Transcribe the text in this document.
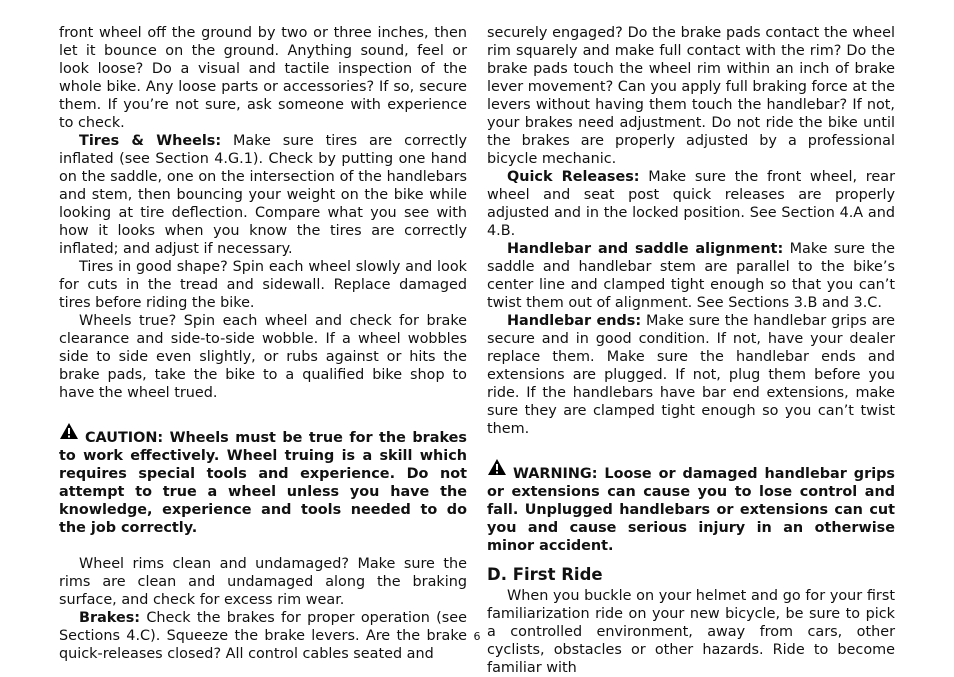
front wheel off the ground by two or three inches, then let it bounce on the ground. Anything sound, feel or look loose? Do a visual and tactile inspection of the whole bike. Any loose parts or accessories? If so, secure them. If you’re not sure, ask someone with experience to check.

Tires & Wheels: Make sure tires are correctly inflated (see Section 4.G.1). Check by putting one hand on the saddle, one on the intersection of the handlebars and stem, then bouncing your weight on the bike while looking at tire deflection. Compare what you see with how it looks when you know the tires are correctly inflated; and adjust if necessary.

Tires in good shape? Spin each wheel slowly and look for cuts in the tread and sidewall. Replace damaged tires before riding the bike.

Wheels true? Spin each wheel and check for brake clearance and side-to-side wobble. If a wheel wobbles side to side even slightly, or rubs against or hits the brake pads, take the bike to a qualified bike shop to have the wheel trued.

CAUTION: Wheels must be true for the brakes to work effectively. Wheel truing is a skill which requires special tools and experience. Do not attempt to true a wheel unless you have the knowledge, experience and tools needed to do the job correctly.

Wheel rims clean and undamaged? Make sure the rims are clean and undamaged along the braking surface, and check for excess rim wear.

Brakes: Check the brakes for proper operation (see Sections 4.C). Squeeze the brake levers. Are the brake quick-releases closed? All control cables seated and

securely engaged? Do the brake pads contact the wheel rim squarely and make full contact with the rim? Do the brake pads touch the wheel rim within an inch of brake lever movement? Can you apply full braking force at the levers without having them touch the handlebar? If not, your brakes need adjustment. Do not ride the bike until the brakes are properly adjusted by a professional bicycle mechanic.

Quick Releases: Make sure the front wheel, rear wheel and seat post quick releases are properly adjusted and in the locked position. See Section 4.A and 4.B.

Handlebar and saddle alignment: Make sure the saddle and handlebar stem are parallel to the bike’s center line and clamped tight enough so that you can’t twist them out of alignment. See Sections 3.B and 3.C.

Handlebar ends: Make sure the handlebar grips are secure and in good condition. If not, have your dealer replace them. Make sure the handlebar ends and extensions are plugged. If not, plug them before you ride. If the handlebars have bar end extensions, make sure they are clamped tight enough so you can’t twist them.

WARNING: Loose or damaged handlebar grips or extensions can cause you to lose control and fall. Unplugged handlebars or extensions can cut you and cause serious injury in an otherwise minor accident.

D. First Ride

When you buckle on your helmet and go for your first familiarization ride on your new bicycle, be sure to pick a controlled environment, away from cars, other cyclists, obstacles or other hazards. Ride to become familiar with

6
